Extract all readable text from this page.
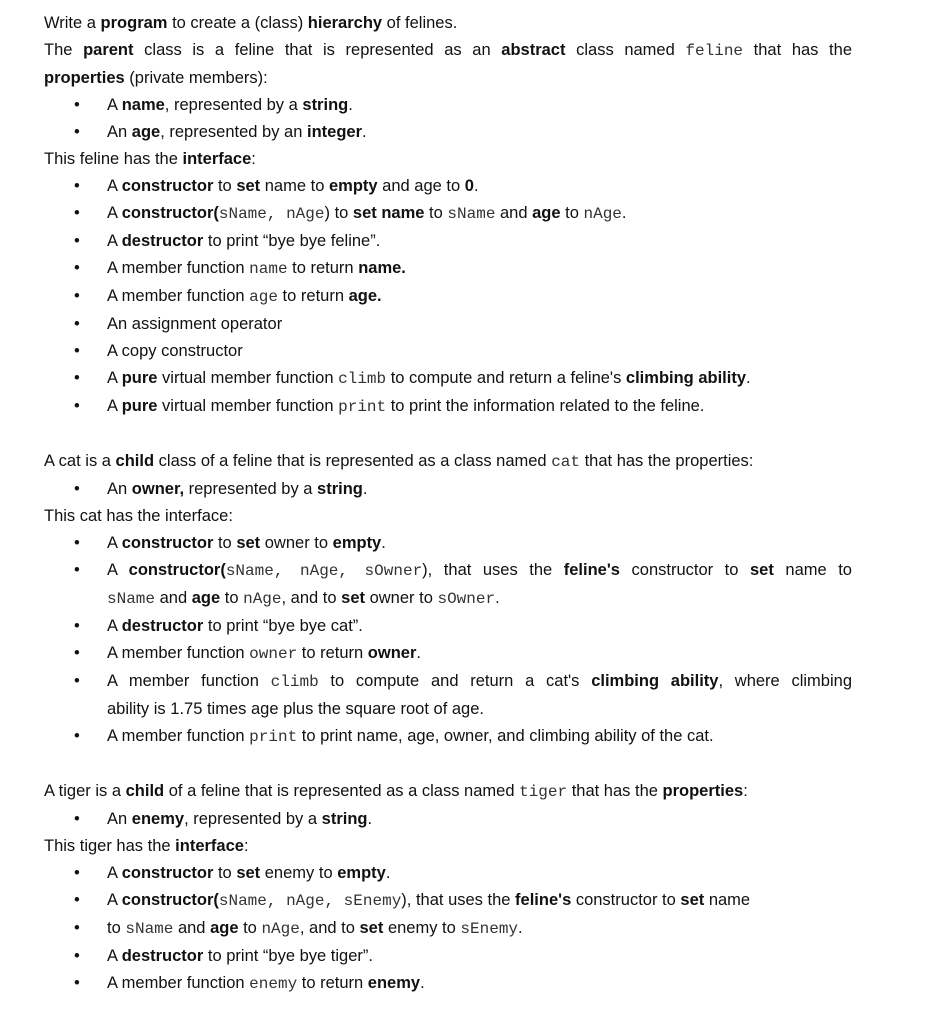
Write a program to create a (class) hierarchy of felines.
The parent class is a feline that is represented as an abstract class named feline that has the
properties (private members):
• A name, represented by a string.
• An age, represented by an integer.
This feline has the interface:
• A constructor to set name to empty and age to 0.
• A constructor(sName, nAge) to set name to sName and age to nAge.
• A destructor to print “bye bye feline”.
• A member function name to return name.
• A member function age to return age.
• An assignment operator
• A copy constructor
• A pure virtual member function climb to compute and return a feline's climbing ability.
• A pure virtual member function print to print the information related to the feline.
A cat is a child class of a feline that is represented as a class named cat that has the properties:
• An owner, represented by a string.
This cat has the interface:
• A constructor to set owner to empty.
• A constructor(sName, nAge, sOwner), that uses the feline's constructor to set name to
sName and age to nAge, and to set owner to sOwner.
• A destructor to print “bye bye cat”.
• A member function owner to return owner.
• A member function climb to compute and return a cat's climbing ability, where climbing
ability is 1.75 times age plus the square root of age.
• A member function print to print name, age, owner, and climbing ability of the cat.
A tiger is a child of a feline that is represented as a class named tiger that has the properties:
• An enemy, represented by a string.
This tiger has the interface:
• A constructor to set enemy to empty.
• A constructor(sName, nAge, sEnemy), that uses the feline's constructor to set name
• to sName and age to nAge, and to set enemy to sEnemy.
• A destructor to print “bye bye tiger”.
• A member function enemy to return enemy.
